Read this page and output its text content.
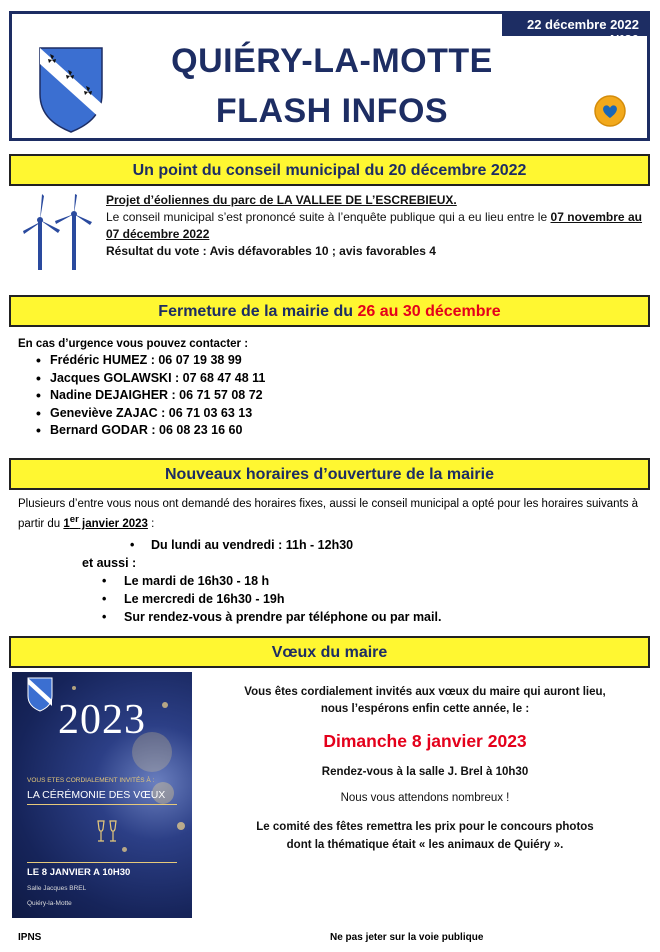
22 décembre 2022 N°30
QUIÉRY-LA-MOTTE
FLASH INFOS
Un point du conseil municipal du 20 décembre 2022
Projet d’éoliennes du parc de LA VALLEE DE L’ESCREBIEUX.
Le conseil municipal s’est prononcé suite à l’enquête publique qui a eu lieu entre le 07 novembre au 07 décembre 2022
Résultat du vote : Avis défavorables 10 ; avis favorables 4
Fermeture de la mairie du 26 au 30 décembre
En cas d’urgence vous pouvez contacter :
• Frédéric HUMEZ : 06 07 19 38 99
• Jacques GOLAWSKI : 07 68 47 48 11
• Nadine DEJAIGHER : 06 71 57 08 72
• Geneviève ZAJAC : 06 71 03 63 13
• Bernard GODAR : 06 08 23 16 60
Nouveaux horaires d’ouverture de la mairie
Plusieurs d’entre vous nous ont demandé des horaires fixes, aussi le conseil municipal a opté pour les horaires suivants à partir du 1er janvier 2023 :
• Du lundi au vendredi : 11h - 12h30
et aussi :
• Le mardi de 16h30 - 18 h
• Le mercredi de 16h30 - 19h
• Sur rendez-vous à prendre par téléphone ou par mail.
Vœux du maire
2023
VOUS ETES CORDIALEMENT INVITÉS À :
LA CÉRÉMONIE DES VŒUX
LE 8 JANVIER A 10H30
Salle Jacques BREL
Quiéry-la-Motte
Vous êtes cordialement invités aux vœux du maire qui auront lieu,
nous l’espérons enfin cette année, le :
Dimanche 8 janvier 2023
Rendez-vous à la salle J. Brel à 10h30
Nous vous attendons nombreux !
Le comité des fêtes remettra les prix pour le concours photos
dont la thématique était « les animaux de Quiéry ».
IPNS	Ne pas jeter sur la voie publique
